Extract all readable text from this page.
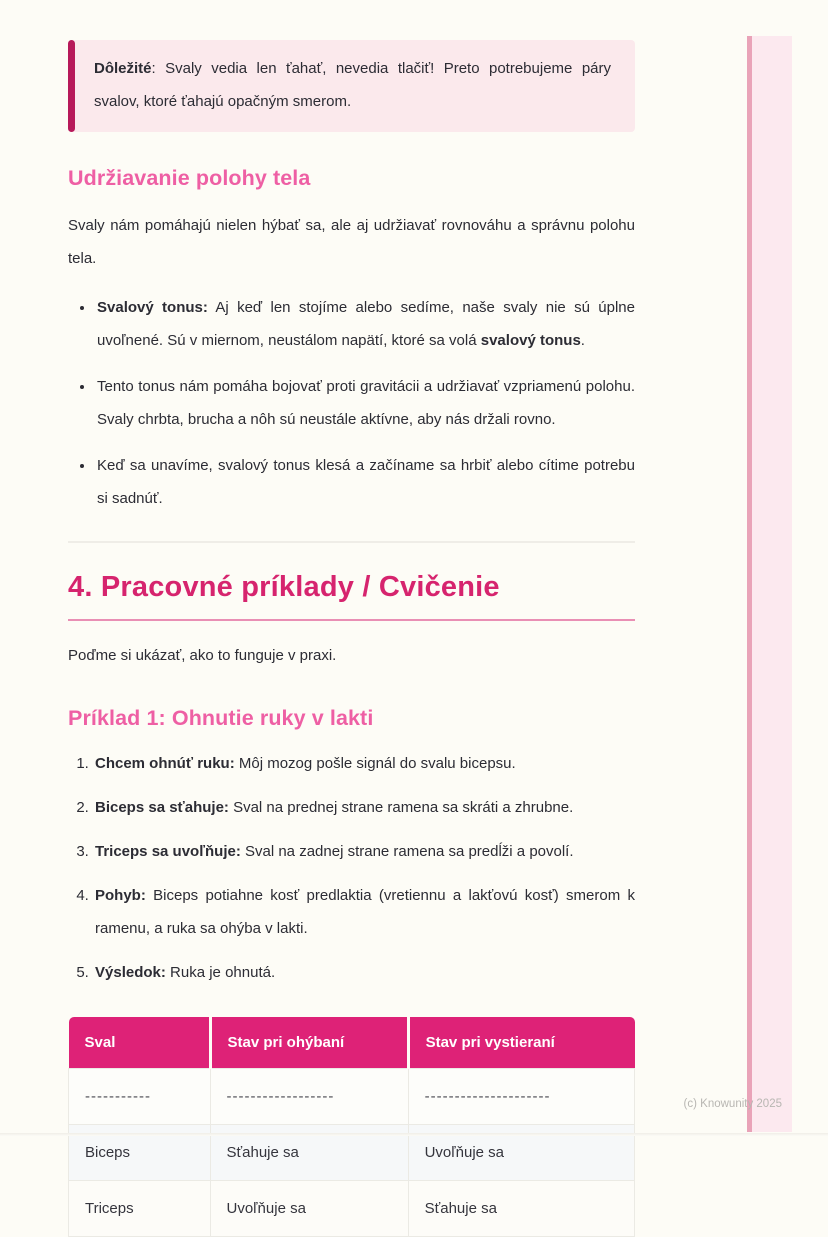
Dôležité: Svaly vedia len ťahať, nevedia tlačiť! Preto potrebujeme páry svalov, ktoré ťahajú opačným smerom.

Udržiavanie polohy tela

Svaly nám pomáhajú nielen hýbať sa, ale aj udržiavať rovnováhu a správnu polohu tela.

• Svalový tonus: Aj keď len stojíme alebo sedíme, naše svaly nie sú úplne uvoľnené. Sú v miernom, neustálom napätí, ktoré sa volá svalový tonus.
• Tento tonus nám pomáha bojovať proti gravitácii a udržiavať vzpriamenú polohu. Svaly chrbta, brucha a nôh sú neustále aktívne, aby nás držali rovno.
• Keď sa unavíme, svalový tonus klesá a začíname sa hrbiť alebo cítime potrebu si sadnúť.
4. Pracovné príklady / Cvičenie

Poďme si ukázať, ako to funguje v praxi.

Príklad 1: Ohnutie ruky v lakti
1. Chcem ohnúť ruku: Môj mozog pošle signál do svalu bicepsu.
2. Biceps sa sťahuje: Sval na prednej strane ramena sa skráti a zhrubne.
3. Triceps sa uvoľňuje: Sval na zadnej strane ramena sa predĺži a povolí.
4. Pohyb: Biceps potiahne kosť predlaktia (vretiennu a lakťovú kosť) smerom k ramenu, a ruka sa ohýba v lakti.
5. Výsledok: Ruka je ohnutá.
Sval	Stav pri ohýbaní	Stav pri vystieraní
-----------	------------------	---------------------
Biceps	Sťahuje sa	Uvoľňuje sa
Triceps	Uvoľňuje sa	Sťahuje sa
(c) Knowunity 2025
